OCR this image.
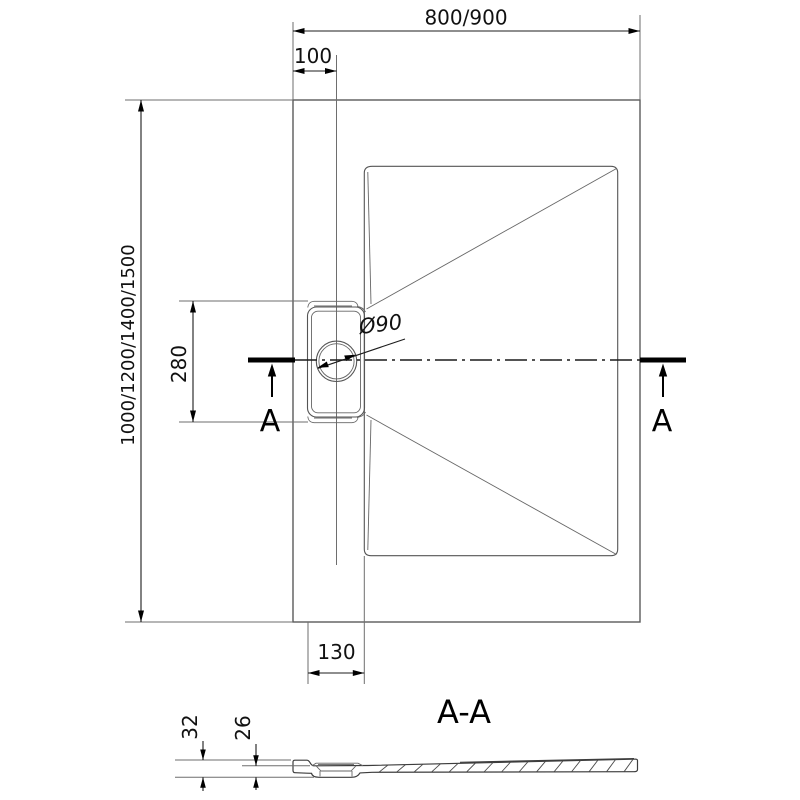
800/900
100
1000/1200/1400/1500 280
130
Ø90
A	A
A-A
32 26
